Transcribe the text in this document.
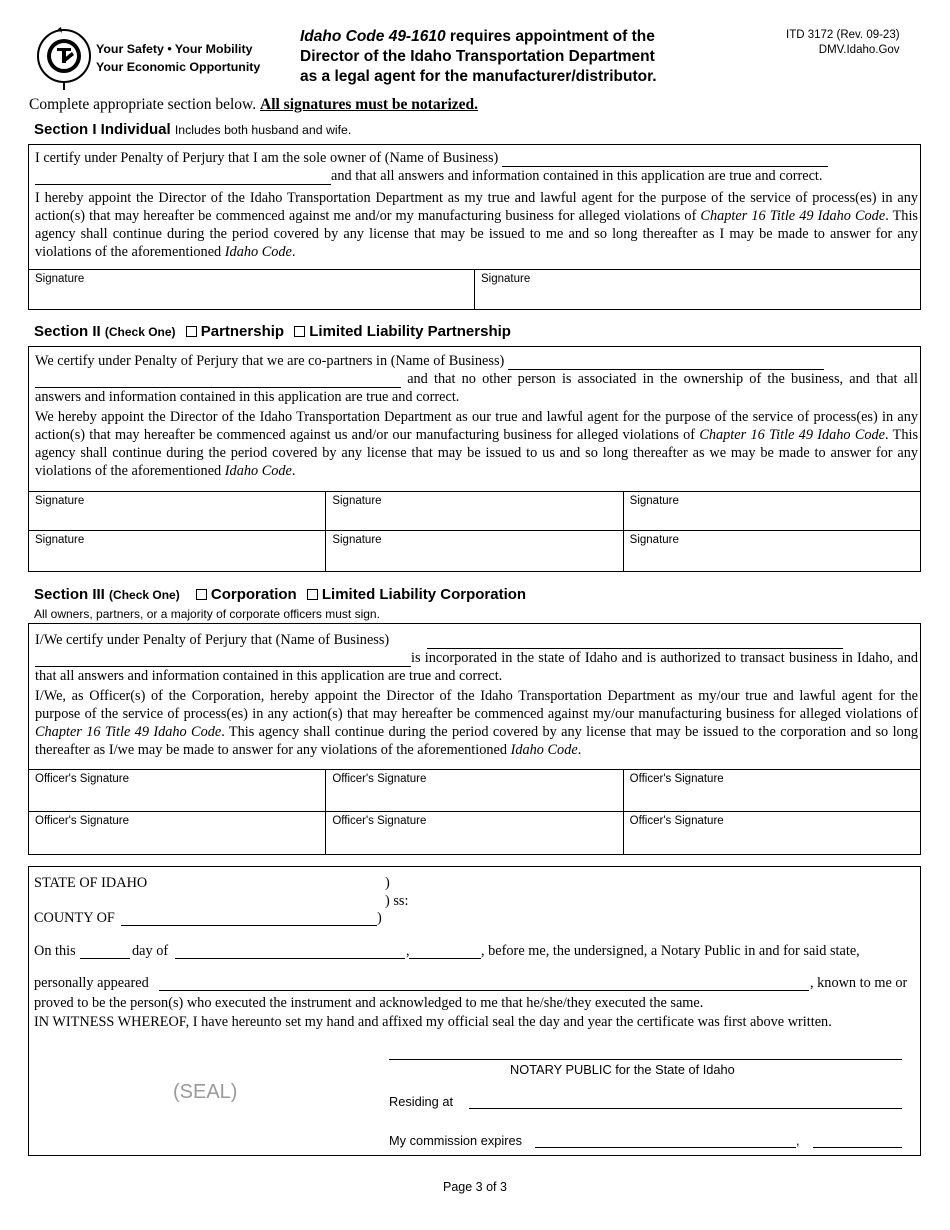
Your Safety • Your Mobility
Your Economic Opportunity
Idaho Code 49-1610 requires appointment of the
Director of the Idaho Transportation Department
as a legal agent for the manufacturer/distributor.
ITD 3172 (Rev. 09-23)
DMV.Idaho.Gov
Complete appropriate section below. All signatures must be notarized.
Section I Individual Includes both husband and wife.
I certify under Penalty of Perjury that I am the sole owner of (Name of Business)
and that all answers and information contained in this application are true and correct.
I hereby appoint the Director of the Idaho Transportation Department as my true and lawful agent for the purpose of the service of process(es) in any action(s) that may hereafter be commenced against me and/or my manufacturing business for alleged violations of Chapter 16 Title 49 Idaho Code. This agency shall continue during the period covered by any license that may be issued to me and so long thereafter as I may be made to answer for any violations of the aforementioned Idaho Code.
Signature	Signature
Section II (Check One) Partnership Limited Liability Partnership
We certify under Penalty of Perjury that we are co-partners in (Name of Business)
and that no other person is associated in the ownership of the business, and that all answers and information contained in this application are true and correct.
We hereby appoint the Director of the Idaho Transportation Department as our true and lawful agent for the purpose of the service of process(es) in any action(s) that may hereafter be commenced against us and/or our manufacturing business for alleged violations of Chapter 16 Title 49 Idaho Code. This agency shall continue during the period covered by any license that may be issued to us and so long thereafter as we may be made to answer for any violations of the aforementioned Idaho Code.
Signature	Signature	Signature
Signature	Signature	Signature
Section III (Check One) Corporation Limited Liability Corporation
All owners, partners, or a majority of corporate officers must sign.
I/We certify under Penalty of Perjury that (Name of Business)
is incorporated in the state of Idaho and is authorized to transact business in Idaho, and that all answers and information contained in this application are true and correct.
I/We, as Officer(s) of the Corporation, hereby appoint the Director of the Idaho Transportation Department as my/our true and lawful agent for the purpose of the service of process(es) in any action(s) that may hereafter be commenced against my/our manufacturing business for alleged violations of Chapter 16 Title 49 Idaho Code. This agency shall continue during the period covered by any license that may be issued to the corporation and so long thereafter as I/we may be made to answer for any violations of the aforementioned Idaho Code.
Officer's Signature	Officer's Signature	Officer's Signature
Officer's Signature	Officer's Signature	Officer's Signature
STATE OF IDAHO	)
) ss:
COUNTY OF	)
On this	day of	,	, before me, the undersigned, a Notary Public in and for said state,
personally appeared	, known to me or
proved to be the person(s) who executed the instrument and acknowledged to me that he/she/they executed the same.
IN WITNESS WHEREOF, I have hereunto set my hand and affixed my official seal the day and year the certificate was first above written.
(SEAL)
NOTARY PUBLIC for the State of Idaho
Residing at
My commission expires	,
Page 3 of 3
